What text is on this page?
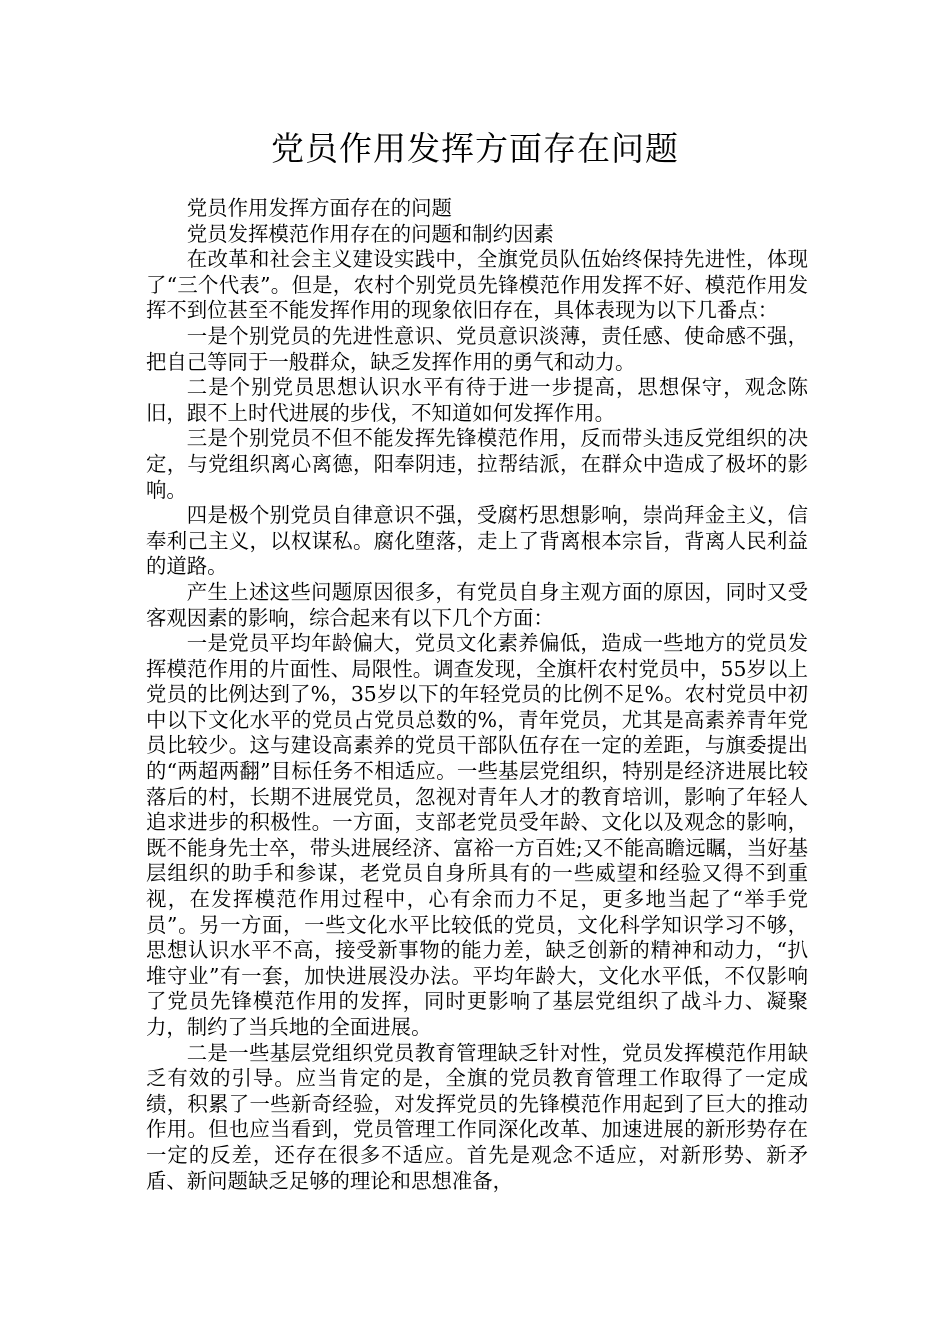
党员作用发挥方面存在问题

党员作用发挥方面存在的问题

党员发挥模范作用存在的问题和制约因素

在改革和社会主义建设实践中，全旗党员队伍始终保持先进性，体现了“三个代表”。但是，农村个别党员先锋模范作用发挥不好、模范作用发挥不到位甚至不能发挥作用的现象依旧存在，具体表现为以下几番点：

一是个别党员的先进性意识、党员意识淡薄，责任感、使命感不强，把自己等同于一般群众，缺乏发挥作用的勇气和动力。

二是个别党员思想认识水平有待于进一步提高，思想保守，观念陈旧，跟不上时代进展的步伐，不知道如何发挥作用。

三是个别党员不但不能发挥先锋模范作用，反而带头违反党组织的决定，与党组织离心离德，阳奉阴违，拉帮结派，在群众中造成了极坏的影响。

四是极个别党员自律意识不强，受腐朽思想影响，崇尚拜金主义，信奉利己主义，以权谋私。腐化堕落，走上了背离根本宗旨，背离人民利益的道路。

产生上述这些问题原因很多，有党员自身主观方面的原因，同时又受客观因素的影响，综合起来有以下几个方面：

一是党员平均年龄偏大，党员文化素养偏低，造成一些地方的党员发挥模范作用的片面性、局限性。调查发现，全旗杆农村党员中，55岁以上党员的比例达到了%，35岁以下的年轻党员的比例不足%。农村党员中初中以下文化水平的党员占党员总数的%，青年党员，尤其是高素养青年党员比较少。这与建设高素养的党员干部队伍存在一定的差距，与旗委提出的“两超两翻”目标任务不相适应。一些基层党组织，特别是经济进展比较落后的村，长期不进展党员，忽视对青年人才的教育培训，影响了年轻人追求进步的积极性。一方面，支部老党员受年龄、文化以及观念的影响，既不能身先士卒，带头进展经济、富裕一方百姓;又不能高瞻远瞩，当好基层组织的助手和参谋，老党员自身所具有的一些威望和经验又得不到重视，在发挥模范作用过程中，心有余而力不足，更多地当起了“举手党员”。另一方面，一些文化水平比较低的党员，文化科学知识学习不够，思想认识水平不高，接受新事物的能力差，缺乏创新的精神和动力，“扒堆守业”有一套，加快进展没办法。平均年龄大，文化水平低，不仅影响了党员先锋模范作用的发挥，同时更影响了基层党组织了战斗力、凝聚力，制约了当兵地的全面进展。

二是一些基层党组织党员教育管理缺乏针对性，党员发挥模范作用缺乏有效的引导。应当肯定的是，全旗的党员教育管理工作取得了一定成绩，积累了一些新奇经验，对发挥党员的先锋模范作用起到了巨大的推动作用。但也应当看到，党员管理工作同深化改革、加速进展的新形势存在一定的反差，还存在很多不适应。首先是观念不适应，对新形势、新矛盾、新问题缺乏足够的理论和思想准备，
